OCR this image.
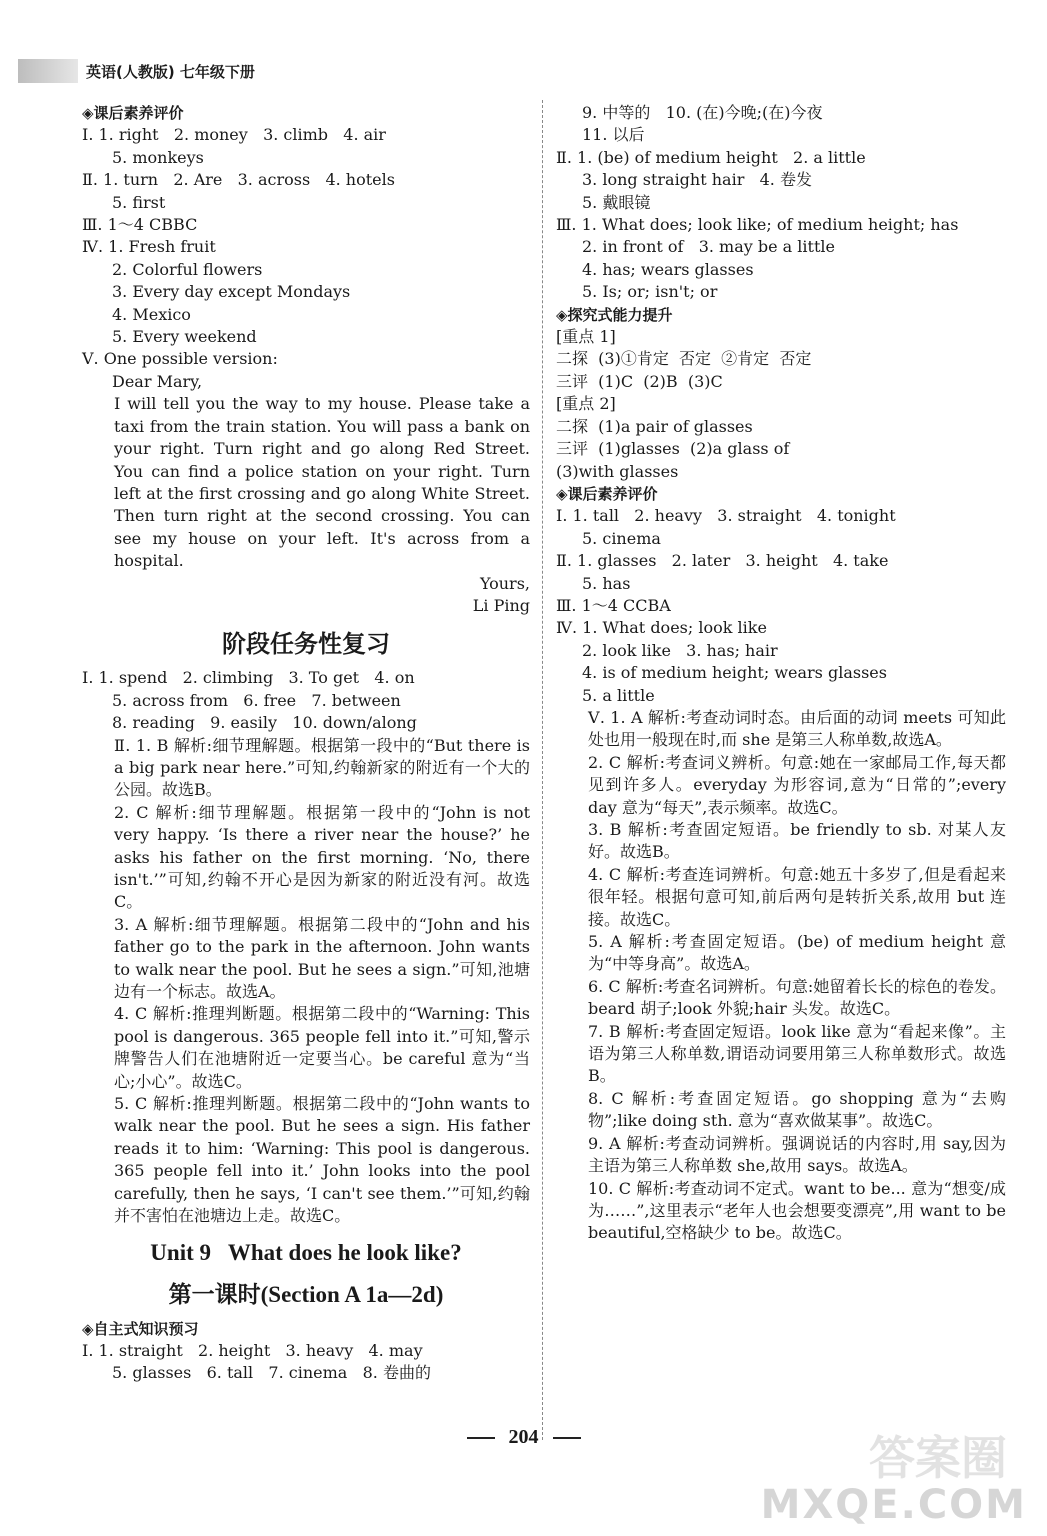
英语(人教版) 七年级下册
◈课后素养评价
Ⅰ. 1. right   2. money   3. climb   4. air
5. monkeys
Ⅱ. 1. turn   2. Are   3. across   4. hotels
5. first
Ⅲ. 1～4 CBBC
Ⅳ. 1. Fresh fruit
2. Colorful flowers
3. Every day except Mondays
4. Mexico
5. Every weekend
Ⅴ. One possible version:
Dear Mary,
I will tell you the way to my house. Please take a taxi from the train station. You will pass a bank on your right. Turn right and go along Red Street. You can find a police station on your right. Turn left at the first crossing and go along White Street. Then turn right at the second crossing. You can see my house on your left. It's across from a hospital.
Yours,
Li Ping
阶段任务性复习
Ⅰ. 1. spend   2. climbing   3. To get   4. on
5. across from   6. free   7. between
8. reading   9. easily   10. down/along
Ⅱ. 1. B 解析:细节理解题。根据第一段中的“But there is a big park near here.”可知,约翰新家的附近有一个大的公园。故选B。
2. C 解析:细节理解题。根据第一段中的“John is not very happy. ‘Is there a river near the house?’ he asks his father on the first morning. ‘No, there isn't.’”可知,约翰不开心是因为新家的附近没有河。故选C。
3. A 解析:细节理解题。根据第二段中的“John and his father go to the park in the afternoon. John wants to walk near the pool. But he sees a sign.”可知,池塘边有一个标志。故选A。
4. C 解析:推理判断题。根据第二段中的“Warning: This pool is dangerous. 365 people fell into it.”可知,警示牌警告人们在池塘附近一定要当心。be careful 意为“当心;小心”。故选C。
5. C 解析:推理判断题。根据第二段中的“John wants to walk near the pool. But he sees a sign. His father reads it to him: ‘Warning: This pool is dangerous. 365 people fell into it.’ John looks into the pool carefully, then he says, ‘I can't see them.’”可知,约翰并不害怕在池塘边上走。故选C。
Unit 9   What does he look like?
第一课时(Section A 1a—2d)
◈自主式知识预习
Ⅰ. 1. straight   2. height   3. heavy   4. may
5. glasses   6. tall   7. cinema   8. 卷曲的
9. 中等的   10. (在)今晚;(在)今夜
11. 以后
Ⅱ. 1. (be) of medium height   2. a little
3. long straight hair   4. 卷发
5. 戴眼镜
Ⅲ. 1. What does; look like; of medium height; has
2. in front of   3. may be a little
4. has; wears glasses
5. Is; or; isn't; or
◈探究式能力提升
[重点 1]
二探  (3)①肯定  否定  ②肯定  否定
三评  (1)C  (2)B  (3)C
[重点 2]
二探  (1)a pair of glasses
三评  (1)glasses  (2)a glass of
(3)with glasses
◈课后素养评价
Ⅰ. 1. tall   2. heavy   3. straight   4. tonight
5. cinema
Ⅱ. 1. glasses   2. later   3. height   4. take
5. has
Ⅲ. 1～4 CCBA
Ⅳ. 1. What does; look like
2. look like   3. has; hair
4. is of medium height; wears glasses
5. a little
Ⅴ. 1. A 解析:考查动词时态。由后面的动词 meets 可知此处也用一般现在时,而 she 是第三人称单数,故选A。
2. C 解析:考查词义辨析。句意:她在一家邮局工作,每天都见到许多人。everyday 为形容词,意为“日常的”;every day 意为“每天”,表示频率。故选C。
3. B 解析:考查固定短语。be friendly to sb. 对某人友好。故选B。
4. C 解析:考查连词辨析。句意:她五十多岁了,但是看起来很年轻。根据句意可知,前后两句是转折关系,故用 but 连接。故选C。
5. A 解析:考查固定短语。(be) of medium height 意为“中等身高”。故选A。
6. C 解析:考查名词辨析。句意:她留着长长的棕色的卷发。beard 胡子;look 外貌;hair 头发。故选C。
7. B 解析:考查固定短语。look like 意为“看起来像”。主语为第三人称单数,谓语动词要用第三人称单数形式。故选B。
8. C 解析:考查固定短语。go shopping 意为“去购物”;like doing sth. 意为“喜欢做某事”。故选C。
9. A 解析:考查动词辨析。强调说话的内容时,用 say,因为主语为第三人称单数 she,故用 says。故选A。
10. C 解析:考查动词不定式。want to be... 意为“想变/成为……”,这里表示“老年人也会想要变漂亮”,用 want to be beautiful,空格缺少 to be。故选C。
204	答案圈
MXQE.COM
